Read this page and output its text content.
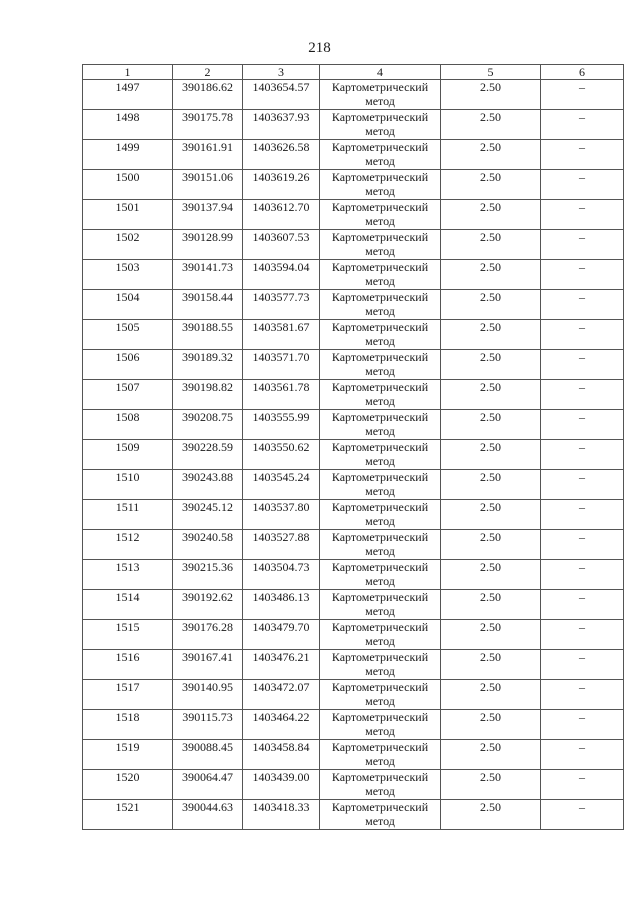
218
1	2	3	4	5	6
1497	390186.62	1403654.57	Картометрический
метод	2.50	–
1498	390175.78	1403637.93	Картометрический
метод	2.50	–
1499	390161.91	1403626.58	Картометрический
метод	2.50	–
1500	390151.06	1403619.26	Картометрический
метод	2.50	–
1501	390137.94	1403612.70	Картометрический
метод	2.50	–
1502	390128.99	1403607.53	Картометрический
метод	2.50	–
1503	390141.73	1403594.04	Картометрический
метод	2.50	–
1504	390158.44	1403577.73	Картометрический
метод	2.50	–
1505	390188.55	1403581.67	Картометрический
метод	2.50	–
1506	390189.32	1403571.70	Картометрический
метод	2.50	–
1507	390198.82	1403561.78	Картометрический
метод	2.50	–
1508	390208.75	1403555.99	Картометрический
метод	2.50	–
1509	390228.59	1403550.62	Картометрический
метод	2.50	–
1510	390243.88	1403545.24	Картометрический
метод	2.50	–
1511	390245.12	1403537.80	Картометрический
метод	2.50	–
1512	390240.58	1403527.88	Картометрический
метод	2.50	–
1513	390215.36	1403504.73	Картометрический
метод	2.50	–
1514	390192.62	1403486.13	Картометрический
метод	2.50	–
1515	390176.28	1403479.70	Картометрический
метод	2.50	–
1516	390167.41	1403476.21	Картометрический
метод	2.50	–
1517	390140.95	1403472.07	Картометрический
метод	2.50	–
1518	390115.73	1403464.22	Картометрический
метод	2.50	–
1519	390088.45	1403458.84	Картометрический
метод	2.50	–
1520	390064.47	1403439.00	Картометрический
метод	2.50	–
1521	390044.63	1403418.33	Картометрический
метод	2.50	–
